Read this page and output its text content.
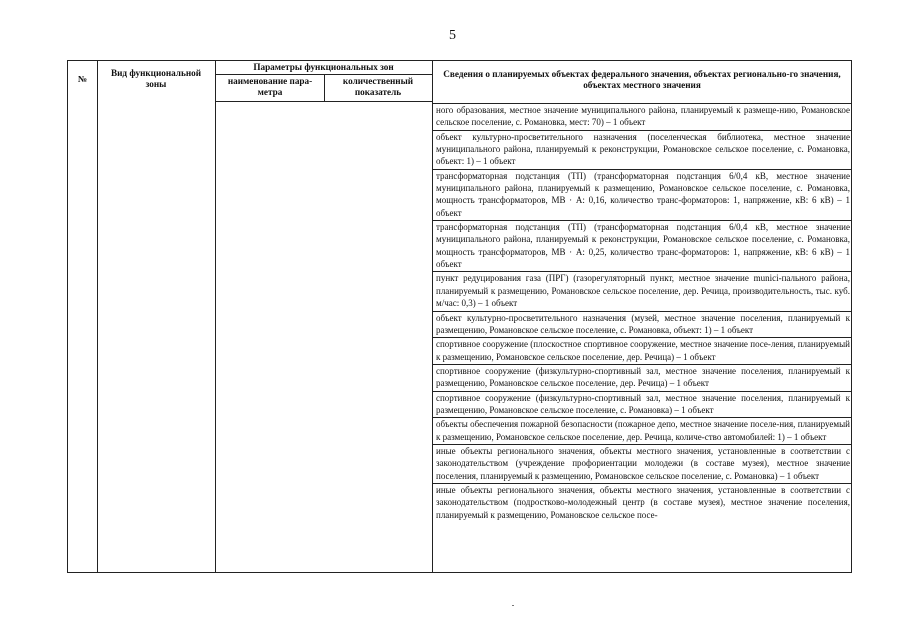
5
№
Вид функциональной зоны
Параметры функциональных зон
наименование пара-метра
количественный показатель
Сведения о планируемых объектах федерального значения, объектах регионально-го значения, объектах местного значения
ного образования, местное значение муниципального района, планируемый к размеще-нию, Романовское сельское поселение, с. Романовка, мест: 70) – 1 объект
объект культурно-просветительного назначения (поселенческая библиотека, местное значение муниципального района, планируемый к реконструкции, Романовское сельское поселение, с. Романовка, объект: 1) – 1 объект
трансформаторная подстанция (ТП) (трансформаторная подстанция 6/0,4 кВ, местное значение муниципального района, планируемый к размещению, Романовское сельское поселение, с. Романовка, мощность трансформаторов, МВ · А: 0,16, количество транс-форматоров: 1, напряжение, кВ: 6 кВ) – 1 объект
трансформаторная подстанция (ТП) (трансформаторная подстанция 6/0,4 кВ, местное значение муниципального района, планируемый к реконструкции, Романовское сельское поселение, с. Романовка, мощность трансформаторов, МВ · А: 0,25, количество транс-форматоров: 1, напряжение, кВ: 6 кВ) – 1 объект
пункт редуцирования газа (ПРГ) (газорегуляторный пункт, местное значение munici-пального района, планируемый к размещению, Романовское сельское поселение, дер. Речица, производительность, тыс. куб. м/час: 0,3) – 1 объект
объект культурно-просветительного назначения (музей, местное значение поселения, планируемый к размещению, Романовское сельское поселение, с. Романовка, объект: 1) – 1 объект
спортивное сооружение (плоскостное спортивное сооружение, местное значение посе-ления, планируемый к размещению, Романовское сельское поселение, дер. Речица) – 1 объект
спортивное сооружение (физкультурно-спортивный зал, местное значение поселения, планируемый к размещению, Романовское сельское поселение, дер. Речица) – 1 объект
спортивное сооружение (физкультурно-спортивный зал, местное значение поселения, планируемый к размещению, Романовское сельское поселение, с. Романовка) – 1 объект
объекты обеспечения пожарной безопасности (пожарное депо, местное значение поселе-ния, планируемый к размещению, Романовское сельское поселение, дер. Речица, количе-ство автомобилей: 1) – 1 объект
иные объекты регионального значения, объекты местного значения, установленные в соответствии с законодательством (учреждение профориентации молодежи (в составе музея), местное значение поселения, планируемый к размещению, Романовское сельское поселение, с. Романовка) – 1 объект
иные объекты регионального значения, объекты местного значения, установленные в соответствии с законодательством (подростково-молодежный центр (в составе музея), местное значение поселения, планируемый к размещению, Романовское сельское посе-
